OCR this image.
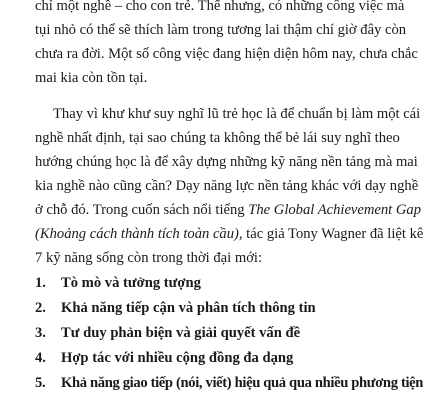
chỉ một nghề – cho con trẻ. Thế nhưng, có những công việc mà
tụi nhỏ có thể sẽ thích làm trong tương lai thậm chí giờ đây còn
chưa ra đời. Một số công việc đang hiện diện hôm nay, chưa chắc
mai kia còn tồn tại.
Thay vì khư khư suy nghĩ lũ trẻ học là để chuẩn bị làm một cái
nghề nhất định, tại sao chúng ta không thể bẻ lái suy nghĩ theo
hướng chúng học là để xây dựng những kỹ năng nền tảng mà mai
kia nghề nào cũng cần? Dạy năng lực nền tảng khác với dạy nghề
ở chỗ đó. Trong cuốn sách nổi tiếng The Global Achievement Gap
(Khoảng cách thành tích toàn cầu), tác giả Tony Wagner đã liệt kê
7 kỹ năng sống còn trong thời đại mới:
1. Tò mò và tưởng tượng
2. Khả năng tiếp cận và phân tích thông tin
3. Tư duy phản biện và giải quyết vấn đề
4. Hợp tác với nhiều cộng đồng đa dạng
5. Khả năng giao tiếp (nói, viết) hiệu quả qua nhiều phương tiện
